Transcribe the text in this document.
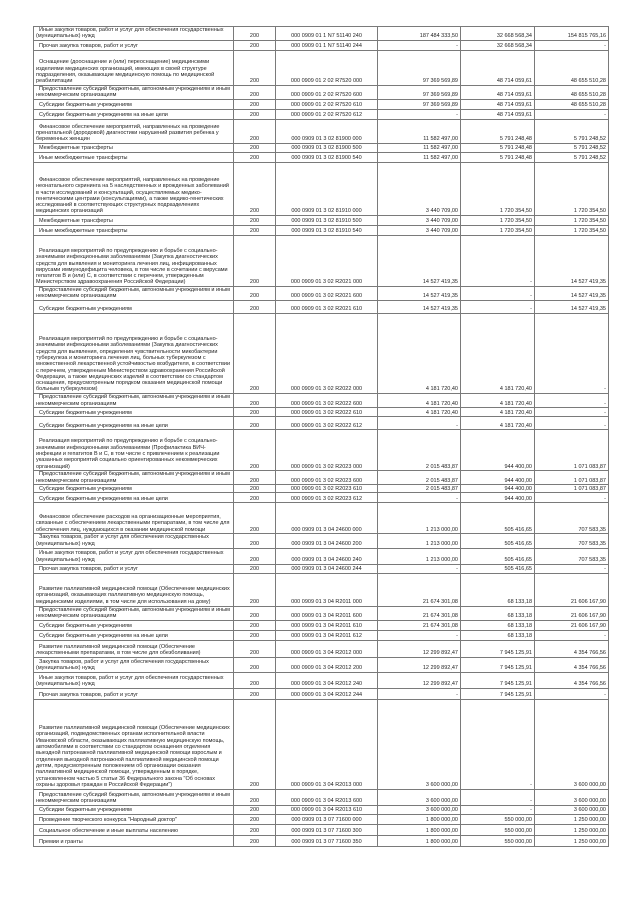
Иные закупки товаров, работ и услуг для обеспечения государственных (муниципальных) нужд	200	000 0909 01 1 N7 51140 240	187 484 333,50	32 668 568,34	154 815 765,16
Прочая закупка товаров, работ и услуг	200	000 0909 01 1 N7 51140 244	-	32 668 568,34	-
Оснащение (дооснащение и (или) переоснащение) медицинскими изделиями медицинских организаций, имеющих в своей структуре подразделения, оказывающие медицинскую помощь по медицинской реабилитации	200	000 0909 01 2 02 R7520 000	97 369 569,89	48 714 059,61	48 655 510,28
Предоставление субсидий бюджетным, автономным учреждениям и иным некоммерческим организациям	200	000 0909 01 2 02 R7520 600	97 369 569,89	48 714 059,61	48 655 510,28
Субсидии бюджетным учреждениям	200	000 0909 01 2 02 R7520 610	97 369 569,89	48 714 059,61	48 655 510,28
Субсидии бюджетным учреждениям на иные цели	200	000 0909 01 2 02 R7520 612	-	48 714 059,61	-
Финансовое обеспечение мероприятий, направленных на проведение пренатальной (дородовой) диагностики нарушений развития ребенка у беременных женщин	200	000 0909 01 3 02 81900 000	11 582 497,00	5 791 248,48	5 791 248,52
Межбюджетные трансферты	200	000 0909 01 3 02 81900 500	11 582 497,00	5 791 248,48	5 791 248,52
Иные межбюджетные трансферты	200	000 0909 01 3 02 81900 540	11 582 497,00	5 791 248,48	5 791 248,52
Финансовое обеспечение мероприятий, направленных на проведение неонатального скрининга на 5 наследственных и врожденных заболеваний в части исследований и консультаций, осуществляемых медико-генетическими центрами (консультациями), а также медико-генетических исследований в соответствующих структурных подразделениях медицинских организаций	200	000 0909 01 3 02 81910 000	3 440 709,00	1 720 354,50	1 720 354,50
Межбюджетные трансферты	200	000 0909 01 3 02 81910 500	3 440 709,00	1 720 354,50	1 720 354,50
Иные межбюджетные трансферты	200	000 0909 01 3 02 81910 540	3 440 709,00	1 720 354,50	1 720 354,50
Реализация мероприятий по предупреждению и борьбе с социально-значимыми инфекционными заболеваниями (Закупка диагностических средств для выявления и мониторинга лечения лиц, инфицированных вирусами иммунодефицита человека, в том числе в сочетании с вирусами гепатитов B и (или) C, в соответствии с перечнем, утвержденным Министерством здравоохранения Российской Федерации)	200	000 0909 01 3 02 R2021 000	14 527 419,35	-	14 527 419,35
Предоставление субсидий бюджетным, автономным учреждениям и иным некоммерческим организациям	200	000 0909 01 3 02 R2021 600	14 527 419,35	-	14 527 419,35
Субсидии бюджетным учреждениям	200	000 0909 01 3 02 R2021 610	14 527 419,35	-	14 527 419,35
Реализация мероприятий по предупреждению и борьбе с социально-значимыми инфекционными заболеваниями (Закупка диагностических средств для выявления, определения чувствительности микобактерии туберкулеза и мониторинга лечения лиц, больных туберкулезом с множественной лекарственной устойчивостью возбудителя, в соответствии с перечнем, утвержденным Министерством здравоохранения Российской Федерации, а также медицинских изделий в соответствии со стандартом оснащения, предусмотренным порядком оказания медицинской помощи больным туберкулезом)	200	000 0909 01 3 02 R2022 000	4 181 720,40	4 181 720,40	-
Предоставление субсидий бюджетным, автономным учреждениям и иным некоммерческим организациям	200	000 0909 01 3 02 R2022 600	4 181 720,40	4 181 720,40	-
Субсидии бюджетным учреждениям	200	000 0909 01 3 02 R2022 610	4 181 720,40	4 181 720,40	-
Субсидии бюджетным учреждениям на иные цели	200	000 0909 01 3 02 R2022 612	-	4 181 720,40	-
Реализация мероприятий по предупреждению и борьбе с социально-значимыми инфекционными заболеваниями (Профилактика ВИЧ-инфекции и гепатитов B и C, в том числе с привлечением к реализации указанных мероприятий социально ориентированных некоммерческих организаций)	200	000 0909 01 3 02 R2023 000	2 015 483,87	944 400,00	1 071 083,87
Предоставление субсидий бюджетным, автономным учреждениям и иным некоммерческим организациям	200	000 0909 01 3 02 R2023 600	2 015 483,87	944 400,00	1 071 083,87
Субсидии бюджетным учреждениям	200	000 0909 01 3 02 R2023 610	2 015 483,87	944 400,00	1 071 083,87
Субсидии бюджетным учреждениям на иные цели	200	000 0909 01 3 02 R2023 612	-	944 400,00	-
Финансовое обеспечение расходов на организационные мероприятия, связанные с обеспечением лекарственными препаратами, в том числе для обеспечения лиц, нуждающихся в оказании медицинской помощи	200	000 0909 01 3 04 24600 000	1 213 000,00	505 416,65	707 583,35
Закупка товаров, работ и услуг для обеспечения государственных (муниципальных) нужд	200	000 0909 01 3 04 24600 200	1 213 000,00	505 416,65	707 583,35
Иные закупки товаров, работ и услуг для обеспечения государственных (муниципальных) нужд	200	000 0909 01 3 04 24600 240	1 213 000,00	505 416,65	707 583,35
Прочая закупка товаров, работ и услуг	200	000 0909 01 3 04 24600 244	-	505 416,65	-
Развитие паллиативной медицинской помощи (Обеспечение медицинских организаций, оказывающих паллиативную медицинскую помощь, медицинскими изделиями, в том числе для использования на дому)	200	000 0909 01 3 04 R2011 000	21 674 301,08	68 133,18	21 606 167,90
Предоставление субсидий бюджетным, автономным учреждениям и иным некоммерческим организациям	200	000 0909 01 3 04 R2011 600	21 674 301,08	68 133,18	21 606 167,90
Субсидии бюджетным учреждениям	200	000 0909 01 3 04 R2011 610	21 674 301,08	68 133,18	21 606 167,90
Субсидии бюджетным учреждениям на иные цели	200	000 0909 01 3 04 R2011 612	-	68 133,18	-
Развитие паллиативной медицинской помощи (Обеспечение лекарственными препаратами, в том числе для обезболивания)	200	000 0909 01 3 04 R2012 000	12 299 892,47	7 945 125,91	4 354 766,56
Закупка товаров, работ и услуг для обеспечения государственных (муниципальных) нужд	200	000 0909 01 3 04 R2012 200	12 299 892,47	7 945 125,91	4 354 766,56
Иные закупки товаров, работ и услуг для обеспечения государственных (муниципальных) нужд	200	000 0909 01 3 04 R2012 240	12 299 892,47	7 945 125,91	4 354 766,56
Прочая закупка товаров, работ и услуг	200	000 0909 01 3 04 R2012 244	-	7 945 125,91	-
Развитие паллиативной медицинской помощи (Обеспечение медицинских организаций, подведомственных органам исполнительной власти Ивановской области, оказывающих паллиативную медицинскую помощь, автомобилями в соответствии со стандартом оснащения отделения выездной патронажной паллиативной медицинской помощи взрослым и отделения выездной патронажной паллиативной медицинской помощи детям, предусмотренным положением об организации оказания паллиативной медицинской помощи, утвержденным в порядке, установленном частью 5 статьи 36 Федерального закона "Об основах охраны здоровья граждан в Российской Федерации")	200	000 0909 01 3 04 R2013 000	3 600 000,00	-	3 600 000,00
Предоставление субсидий бюджетным, автономным учреждениям и иным некоммерческим организациям	200	000 0909 01 3 04 R2013 600	3 600 000,00	-	3 600 000,00
Субсидии бюджетным учреждениям	200	000 0909 01 3 04 R2013 610	3 600 000,00	-	3 600 000,00
Проведение творческого конкурса "Народный доктор"	200	000 0909 01 3 07 71600 000	1 800 000,00	550 000,00	1 250 000,00
Социальное обеспечение и иные выплаты населению	200	000 0909 01 3 07 71600 300	1 800 000,00	550 000,00	1 250 000,00
Премии и гранты	200	000 0909 01 3 07 71600 350	1 800 000,00	550 000,00	1 250 000,00
